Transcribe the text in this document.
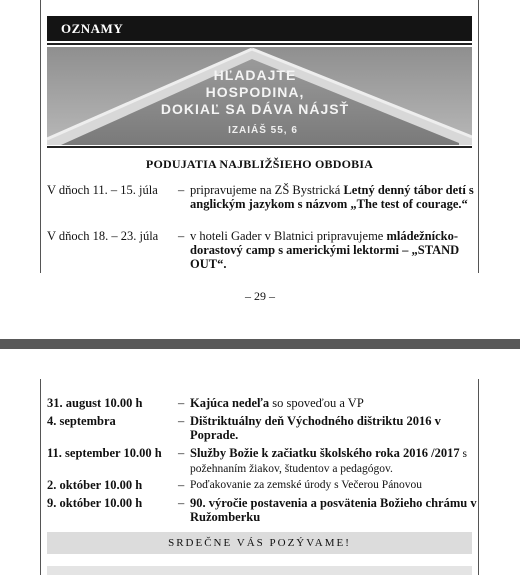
OZNAMY
HĽADAJTE
HOSPODINA,
DOKIAĽ SA DÁVA NÁJSŤ
IZAIÁŠ 55, 6
PODUJATIA NAJBLIŽŠIEHO OBDOBIA
V dňoch 11. – 15. júla – pripravujeme na ZŠ Bystrická Letný denný tábor detí s anglickým jazykom s názvom „The test of courage.“
V dňoch 18. – 23. júla – v hoteli Gader v Blatnici pripravujeme mládežnícko-dorastový camp s americkými lektormi – „STAND OUT“.
– 29 –
31. august 10.00 h	– Kajúca nedeľa so spoveďou a VP
4. septembra	– Dištriktuálny deň Východného dištriktu 2016 v Poprade.
11. september 10.00 h – Služby Božie k začiatku školského roka 2016 /2017 s požehnaním žiakov, študentov a pedagógov.
2. október 10.00 h	– Poďakovanie za zemské úrody s Večerou Pánovou
9. október 10.00 h	– 90. výročie postavenia a posvätenia Božieho chrámu v Ružomberku
SRDEČNE VÁS POZÝVAME!
